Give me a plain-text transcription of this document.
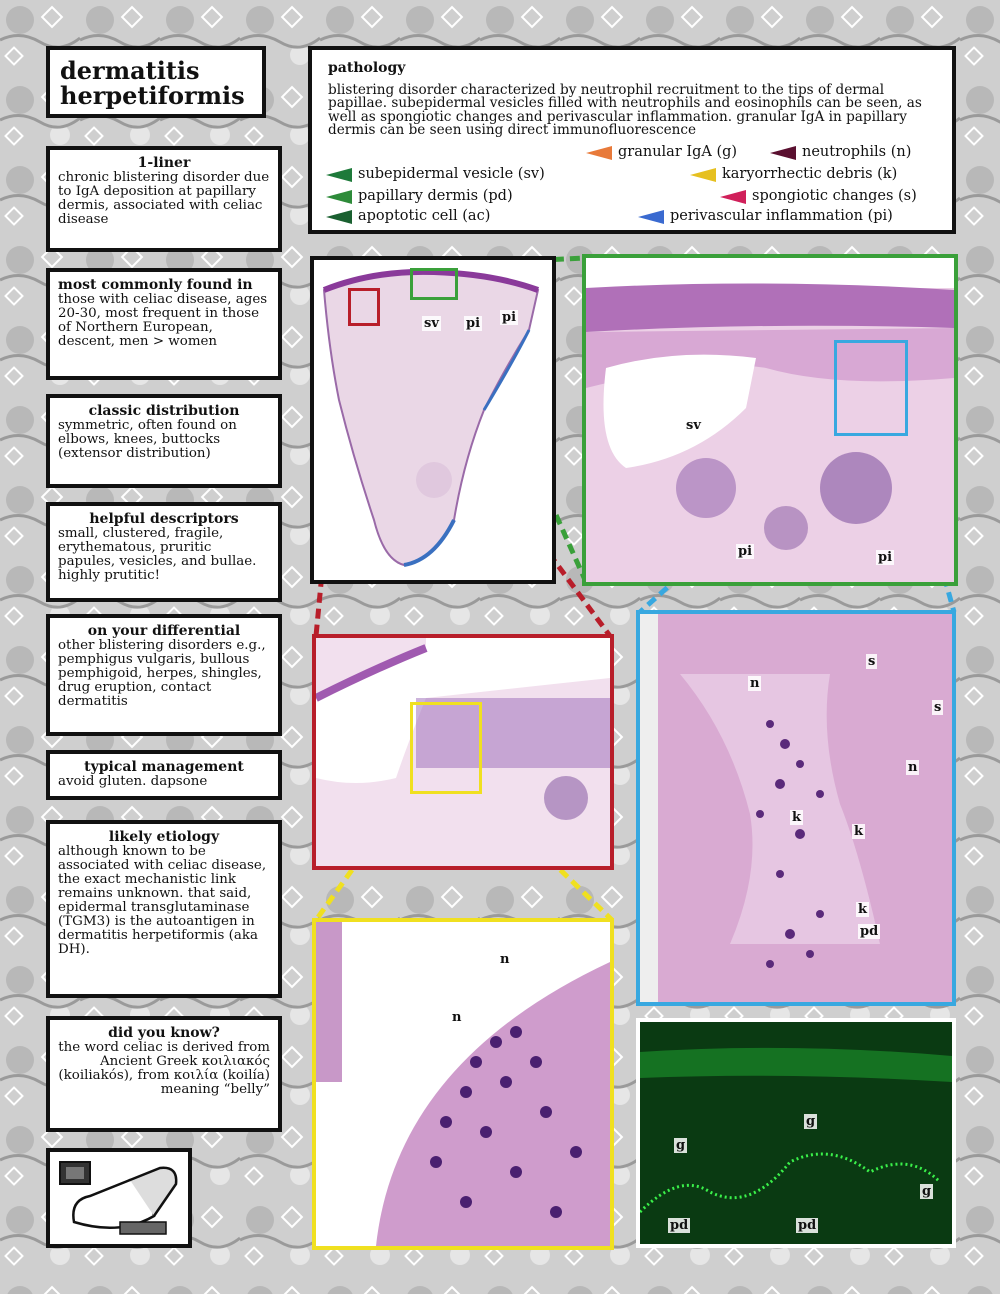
dermatitis herpetiformis
1-liner

chronic blistering disorder due to IgA deposition at papillary dermis, associated with celiac disease

most commonly found in

those with celiac disease, ages 20-30, most frequent in those of Northern European, descent, men > women

classic distribution

symmetric, often found on elbows, knees, buttocks (extensor distribution)

helpful descriptors

small, clustered, fragile, erythematous, pruritic papules, vesicles, and bullae. highly prutitic!

on your differential

other blistering disorders e.g., pemphigus vulgaris, bullous pemphigoid, herpes, shingles, drug eruption, contact dermatitis

typical management

avoid gluten. dapsone

likely etiology

although known to be associated with celiac disease, the exact mechanistic link remains unknown. that said, epidermal transglutaminase (TGM3) is the autoantigen in dermatitis herpetiformis (aka DH).

did you know?

the word celiac is derived from Ancient Greek κοιλιακός (koiliakós), from κοιλία (koilía) meaning “belly”

pathology

blistering disorder characterized by neutrophil recruitment to the tips of dermal papillae. subepidermal vesicles filled with neutrophils and eosinophils can be seen, as well as spongiotic changes and perivascular inflammation. granular IgA in papillary dermis can be seen using direct immunofluorescence

granular IgA (g)	neutrophils (n)
subepidermal vesicle (sv)	karyorrhectic debris (k)
papillary dermis (pd)	spongiotic changes (s)
apoptotic cell (ac)	perivascular inflammation (pi)
sv pi pi
sv
pi	pi
s
s
n
n
k
k
k
pd
n
n
g
g
g
pd	pd
